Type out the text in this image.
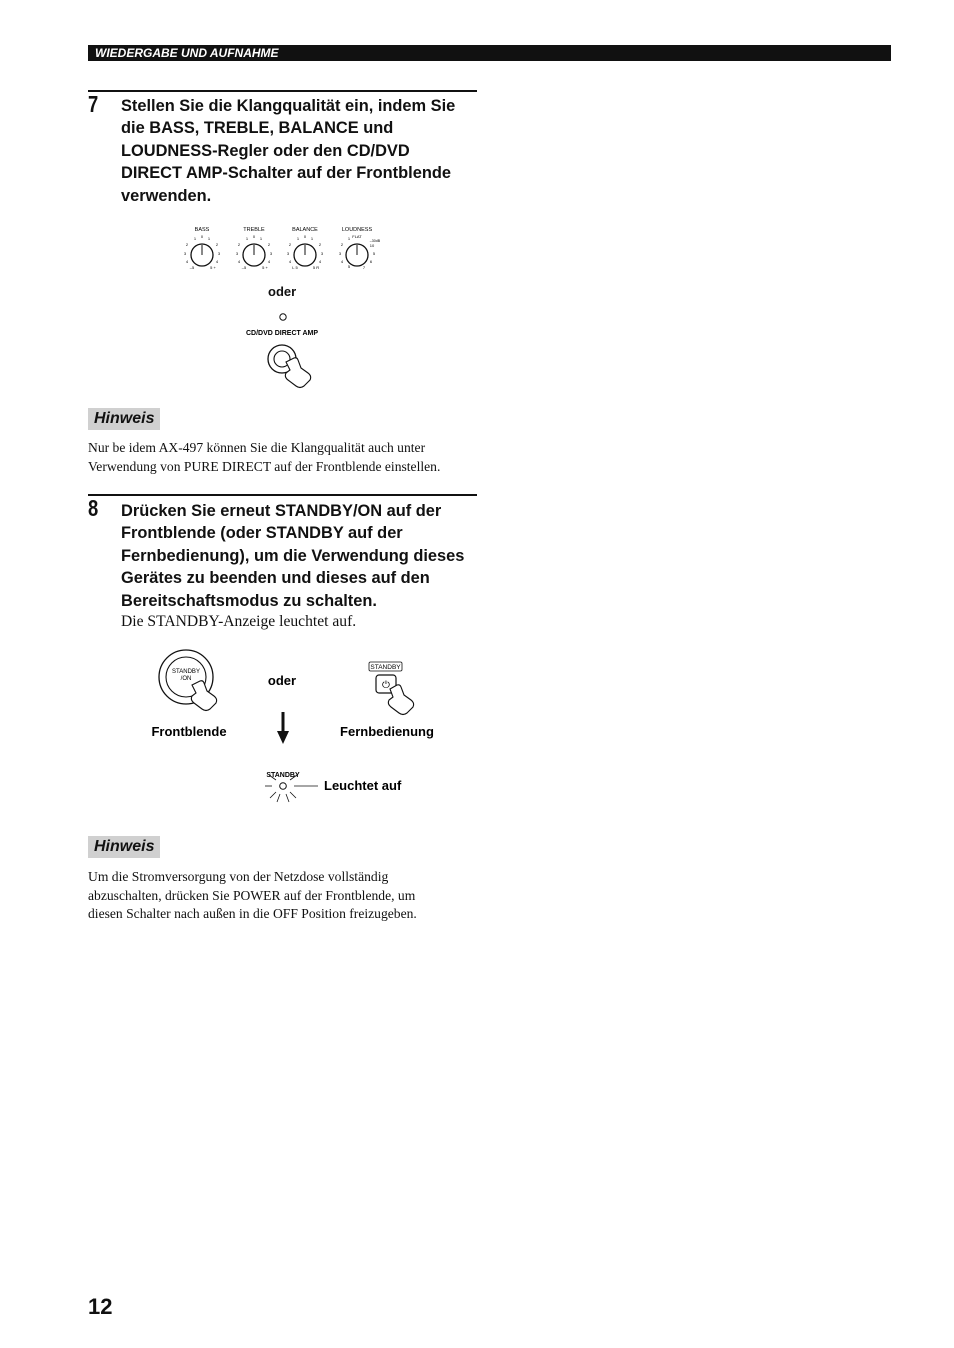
WIEDERGABE UND AUFNAHME
7 Stellen Sie die Klangqualität ein, indem Sie
die BASS, TREBLE, BALANCE und
LOUDNESS-Regler oder den CD/DVD
DIRECT AMP-Schalter auf der Frontblende
verwenden.

BASS
1 0 1
2
3
4
–5
2
3
4
5 +
TREBLE
1 0 1
2
3
4
–5
2
3
4
5 +
BALANCE
1 0 1
2
3
4
L 5
2
3
4
5 R
LOUDNESS
1 FLAT
–30dB
10
2
3
4
5
5
6
7
oder
CD/DVD DIRECT AMP
Hinweis

Nur be idem AX-497 können Sie die Klangqualität auch unter
Verwendung von PURE DIRECT auf der Frontblende einstellen.

8 Drücken Sie erneut STANDBY/ON auf der
Frontblende (oder STANDBY auf der
Fernbedienung), um die Verwendung dieses
Gerätes zu beenden und dieses auf den
Bereitschaftsmodus zu schalten.

Die STANDBY-Anzeige leuchtet auf.
STANDBY
/ON	oder
STANDBY
⏻
Frontblende	Fernbedienung
STANDBY
Leuchtet auf
Hinweis

Um die Stromversorgung von der Netzdose vollständig
abzuschalten, drücken Sie POWER auf der Frontblende, um
diesen Schalter nach außen in die OFF Position freizugeben.

12
